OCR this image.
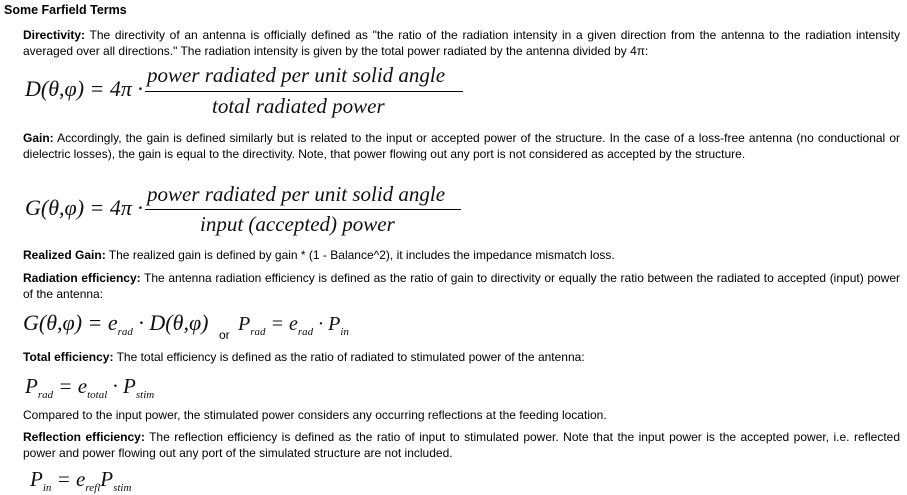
Some Farfield Terms
Directivity: The directivity of an antenna is officially defined as "the ratio of the radiation intensity in a given direction from the antenna to the radiation intensity averaged over all directions." The radiation intensity is given by the total power radiated by the antenna divided by 4π:
D(θ,φ) = 4π ·
power radiated per unit solid angle
total radiated power
Gain: Accordingly, the gain is defined similarly but is related to the input or accepted power of the structure. In the case of a loss-free antenna (no conductional or dielectric losses), the gain is equal to the directivity. Note, that power flowing out any port is not considered as accepted by the structure.
G(θ,φ) = 4π ·
power radiated per unit solid angle
input (accepted) power
Realized Gain: The realized gain is defined by gain * (1 - Balance^2), it includes the impedance mismatch loss.
Radiation efficiency: The antenna radiation efficiency is defined as the ratio of gain to directivity or equally the ratio between the radiated to accepted (input) power of the antenna:
$G(\theta,\varphi) = e_{rad} \cdot D(\theta,\varphi)$ or $P_{rad} = e_{rad} \cdot P_{in}$
Total efficiency: The total efficiency is defined as the ratio of radiated to stimulated power of the antenna:
$P_{rad} = e_{total} \cdot P_{stim}$
Compared to the input power, the stimulated power considers any occurring reflections at the feeding location.
Reflection efficiency: The reflection efficiency is defined as the ratio of input to stimulated power. Note that the input power is the accepted power, i.e. reflected power and power flowing out any port of the simulated structure are not included.
$P_{in} = e_{refl}P_{stim}$
